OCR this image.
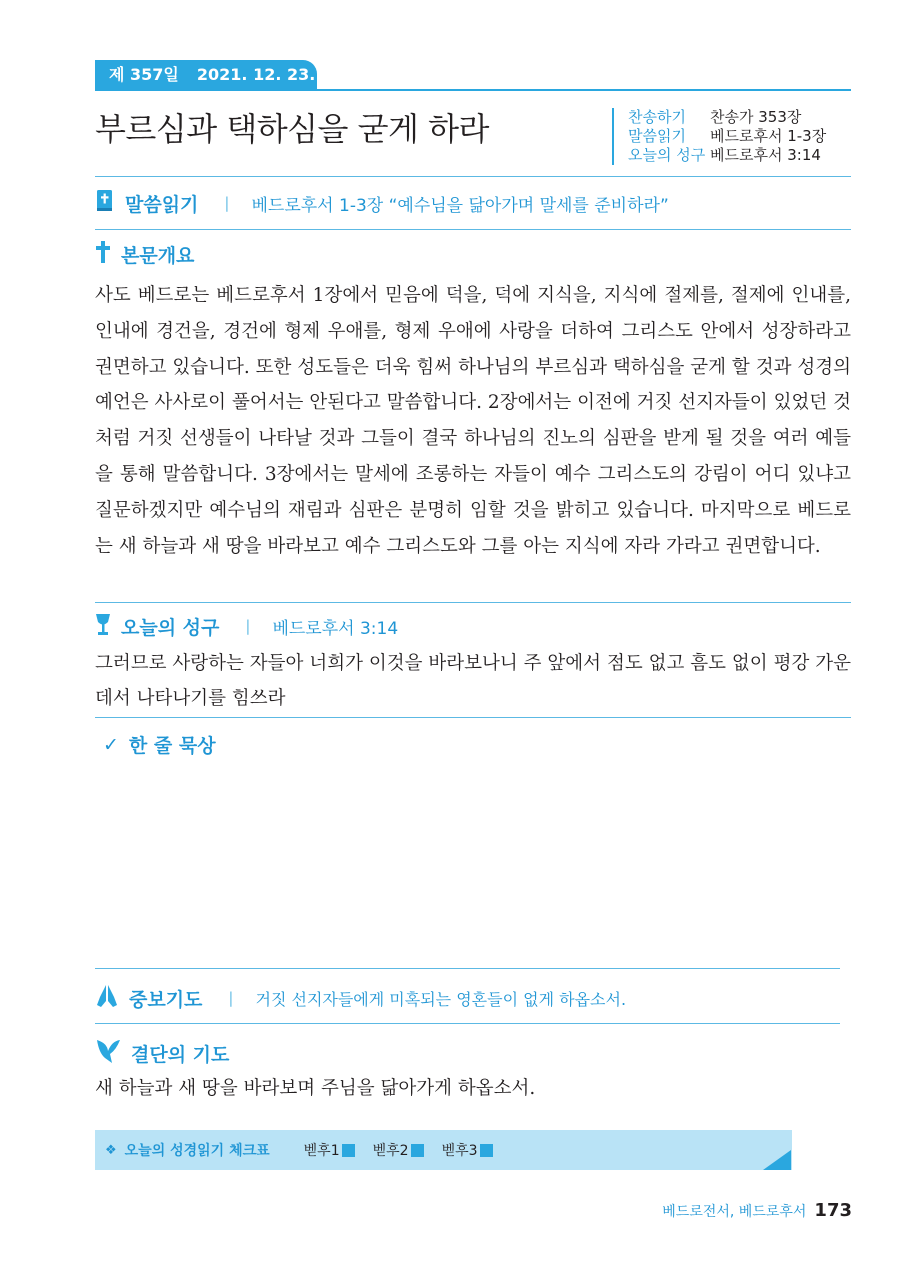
제 357일 2021. 12. 23. 목
부르심과 택하심을 굳게 하라	찬송하기 찬송가 353장
말씀읽기 베드로후서 1-3장
오늘의 성구 베드로후서 3:14
말씀읽기 | 베드로후서 1-3장 “예수님을 닮아가며 말세를 준비하라”
본문개요
사도 베드로는 베드로후서 1장에서 믿음에 덕을, 덕에 지식을, 지식에 절제를, 절제에 인내를, 인내에 경건을, 경건에 형제 우애를, 형제 우애에 사랑을 더하여 그리스도 안에서 성장하라고 권면하고 있습니다. 또한 성도들은 더욱 힘써 하나님의 부르심과 택하심을 굳게 할 것과 성경의 예언은 사사로이 풀어서는 안된다고 말씀합니다. 2장에서는 이전에 거짓 선지자들이 있었던 것처럼 거짓 선생들이 나타날 것과 그들이 결국 하나님의 진노의 심판을 받게 될 것을 여러 예들을 통해 말씀합니다. 3장에서는 말세에 조롱하는 자들이 예수 그리스도의 강림이 어디 있냐고 질문하겠지만 예수님의 재림과 심판은 분명히 임할 것을 밝히고 있습니다. 마지막으로 베드로는 새 하늘과 새 땅을 바라보고 예수 그리스도와 그를 아는 지식에 자라 가라고 권면합니다.
오늘의 성구 | 베드로후서 3:14
그러므로 사랑하는 자들아 너희가 이것을 바라보나니 주 앞에서 점도 없고 흠도 없이 평강 가운데서 나타나기를 힘쓰라
✓ 한 줄 묵상
중보기도 | 거짓 선지자들에게 미혹되는 영혼들이 없게 하옵소서.
결단의 기도
새 하늘과 새 땅을 바라보며 주님을 닮아가게 하옵소서.
❖ 오늘의 성경읽기 체크표 벧후1 벧후2 벧후3
베드로전서, 베드로후서 173
